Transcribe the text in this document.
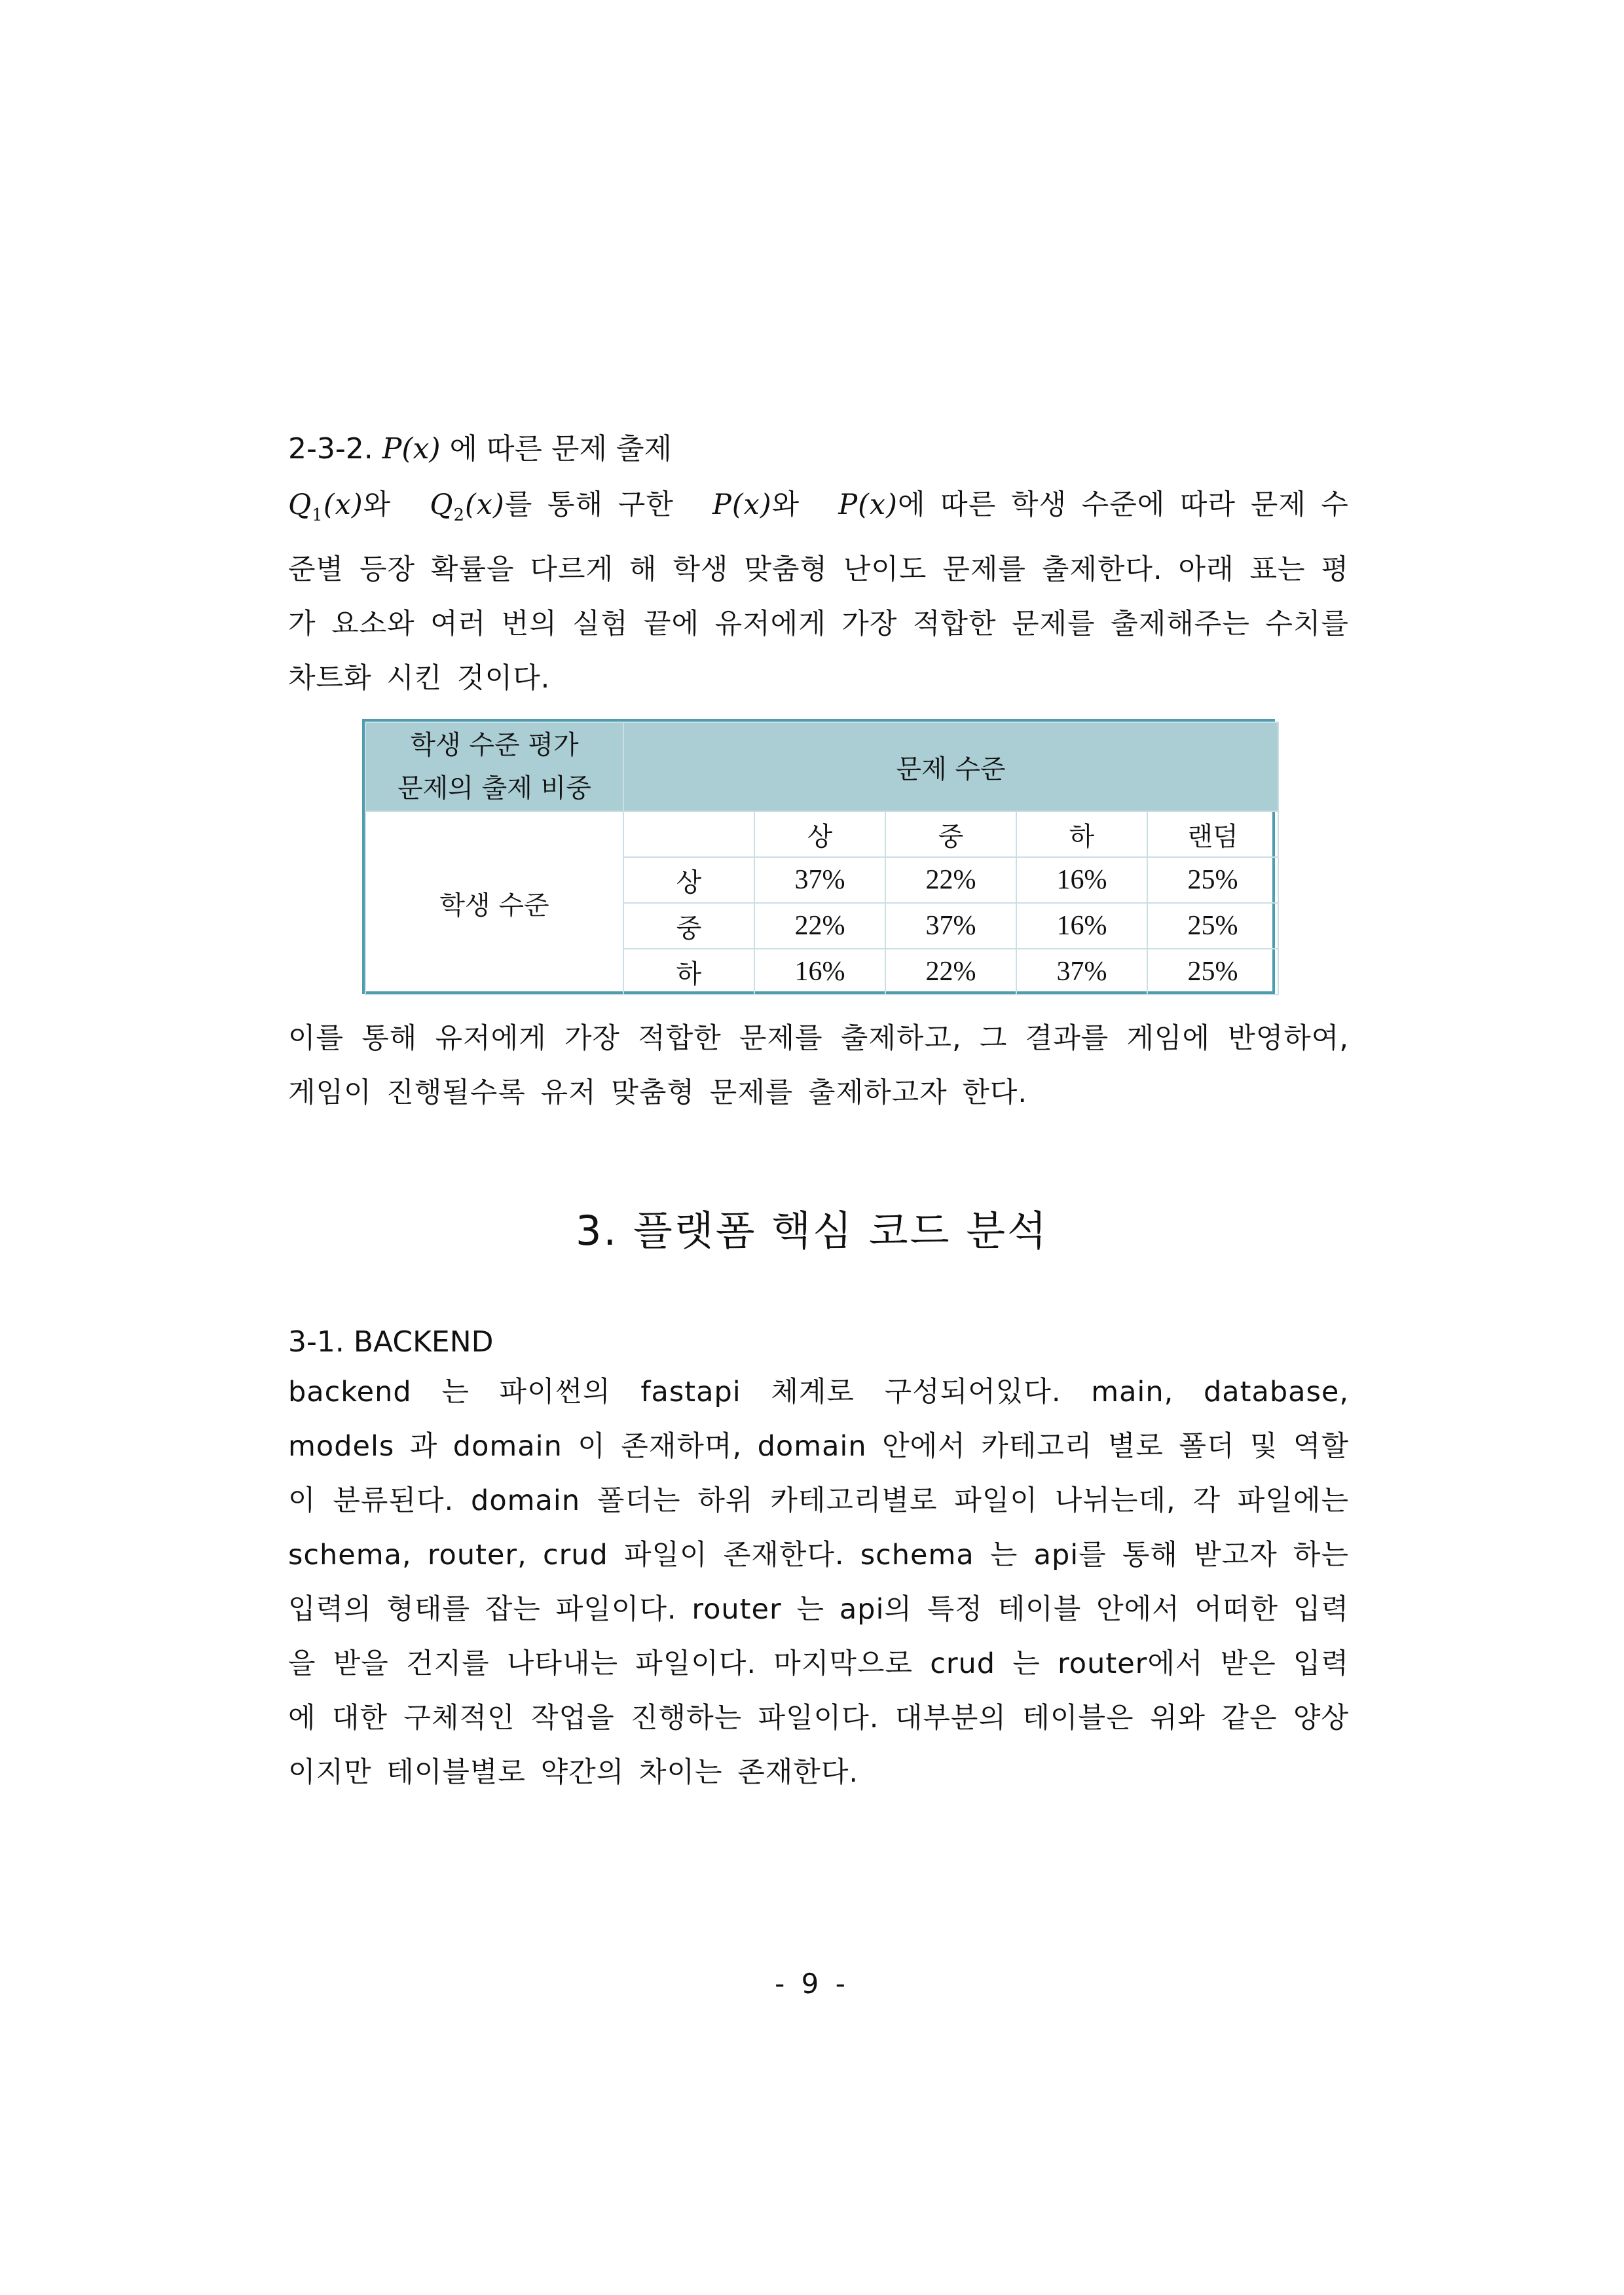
2-3-2. P(x) 에 따른 문제 출제
$Q_1(x)$와 $Q_2(x)$를 통해 구한 P(x)와 P(x)에 따른 학생 수준에 따라 문제 수
준별 등장 확률을 다르게 해 학생 맞춤형 난이도 문제를 출제한다. 아래 표는 평가 요소와 여러 번의 실험 끝에 유저에게 가장 적합한 문제를 출제해주는 수치를 차트화 시킨 것이다.
학생 수준 평가
문제의 출제 비중	문제 수준				
학생 수준		상	중	하	랜덤
	상	37%	22%	16%	25%
	중	22%	37%	16%	25%
	하	16%	22%	37%	25%
이를 통해 유저에게 가장 적합한 문제를 출제하고, 그 결과를 게임에 반영하여, 게임이 진행될수록 유저 맞춤형 문제를 출제하고자 한다.
3. 플랫폼 핵심 코드 분석
3-1. BACKEND
backend 는 파이썬의 fastapi 체계로 구성되어있다. main, database, models 과 domain 이 존재하며, domain 안에서 카테고리 별로 폴더 및 역할이 분류된다. domain 폴더는 하위 카테고리별로 파일이 나뉘는데, 각 파일에는 schema, router, crud 파일이 존재한다. schema 는 api를 통해 받고자 하는 입력의 형태를 잡는 파일이다. router 는 api의 특정 테이블 안에서 어떠한 입력을 받을 건지를 나타내는 파일이다. 마지막으로 crud 는 router에서 받은 입력에 대한 구체적인 작업을 진행하는 파일이다. 대부분의 테이블은 위와 같은 양상이지만 테이블별로 약간의 차이는 존재한다.
- 9 -
